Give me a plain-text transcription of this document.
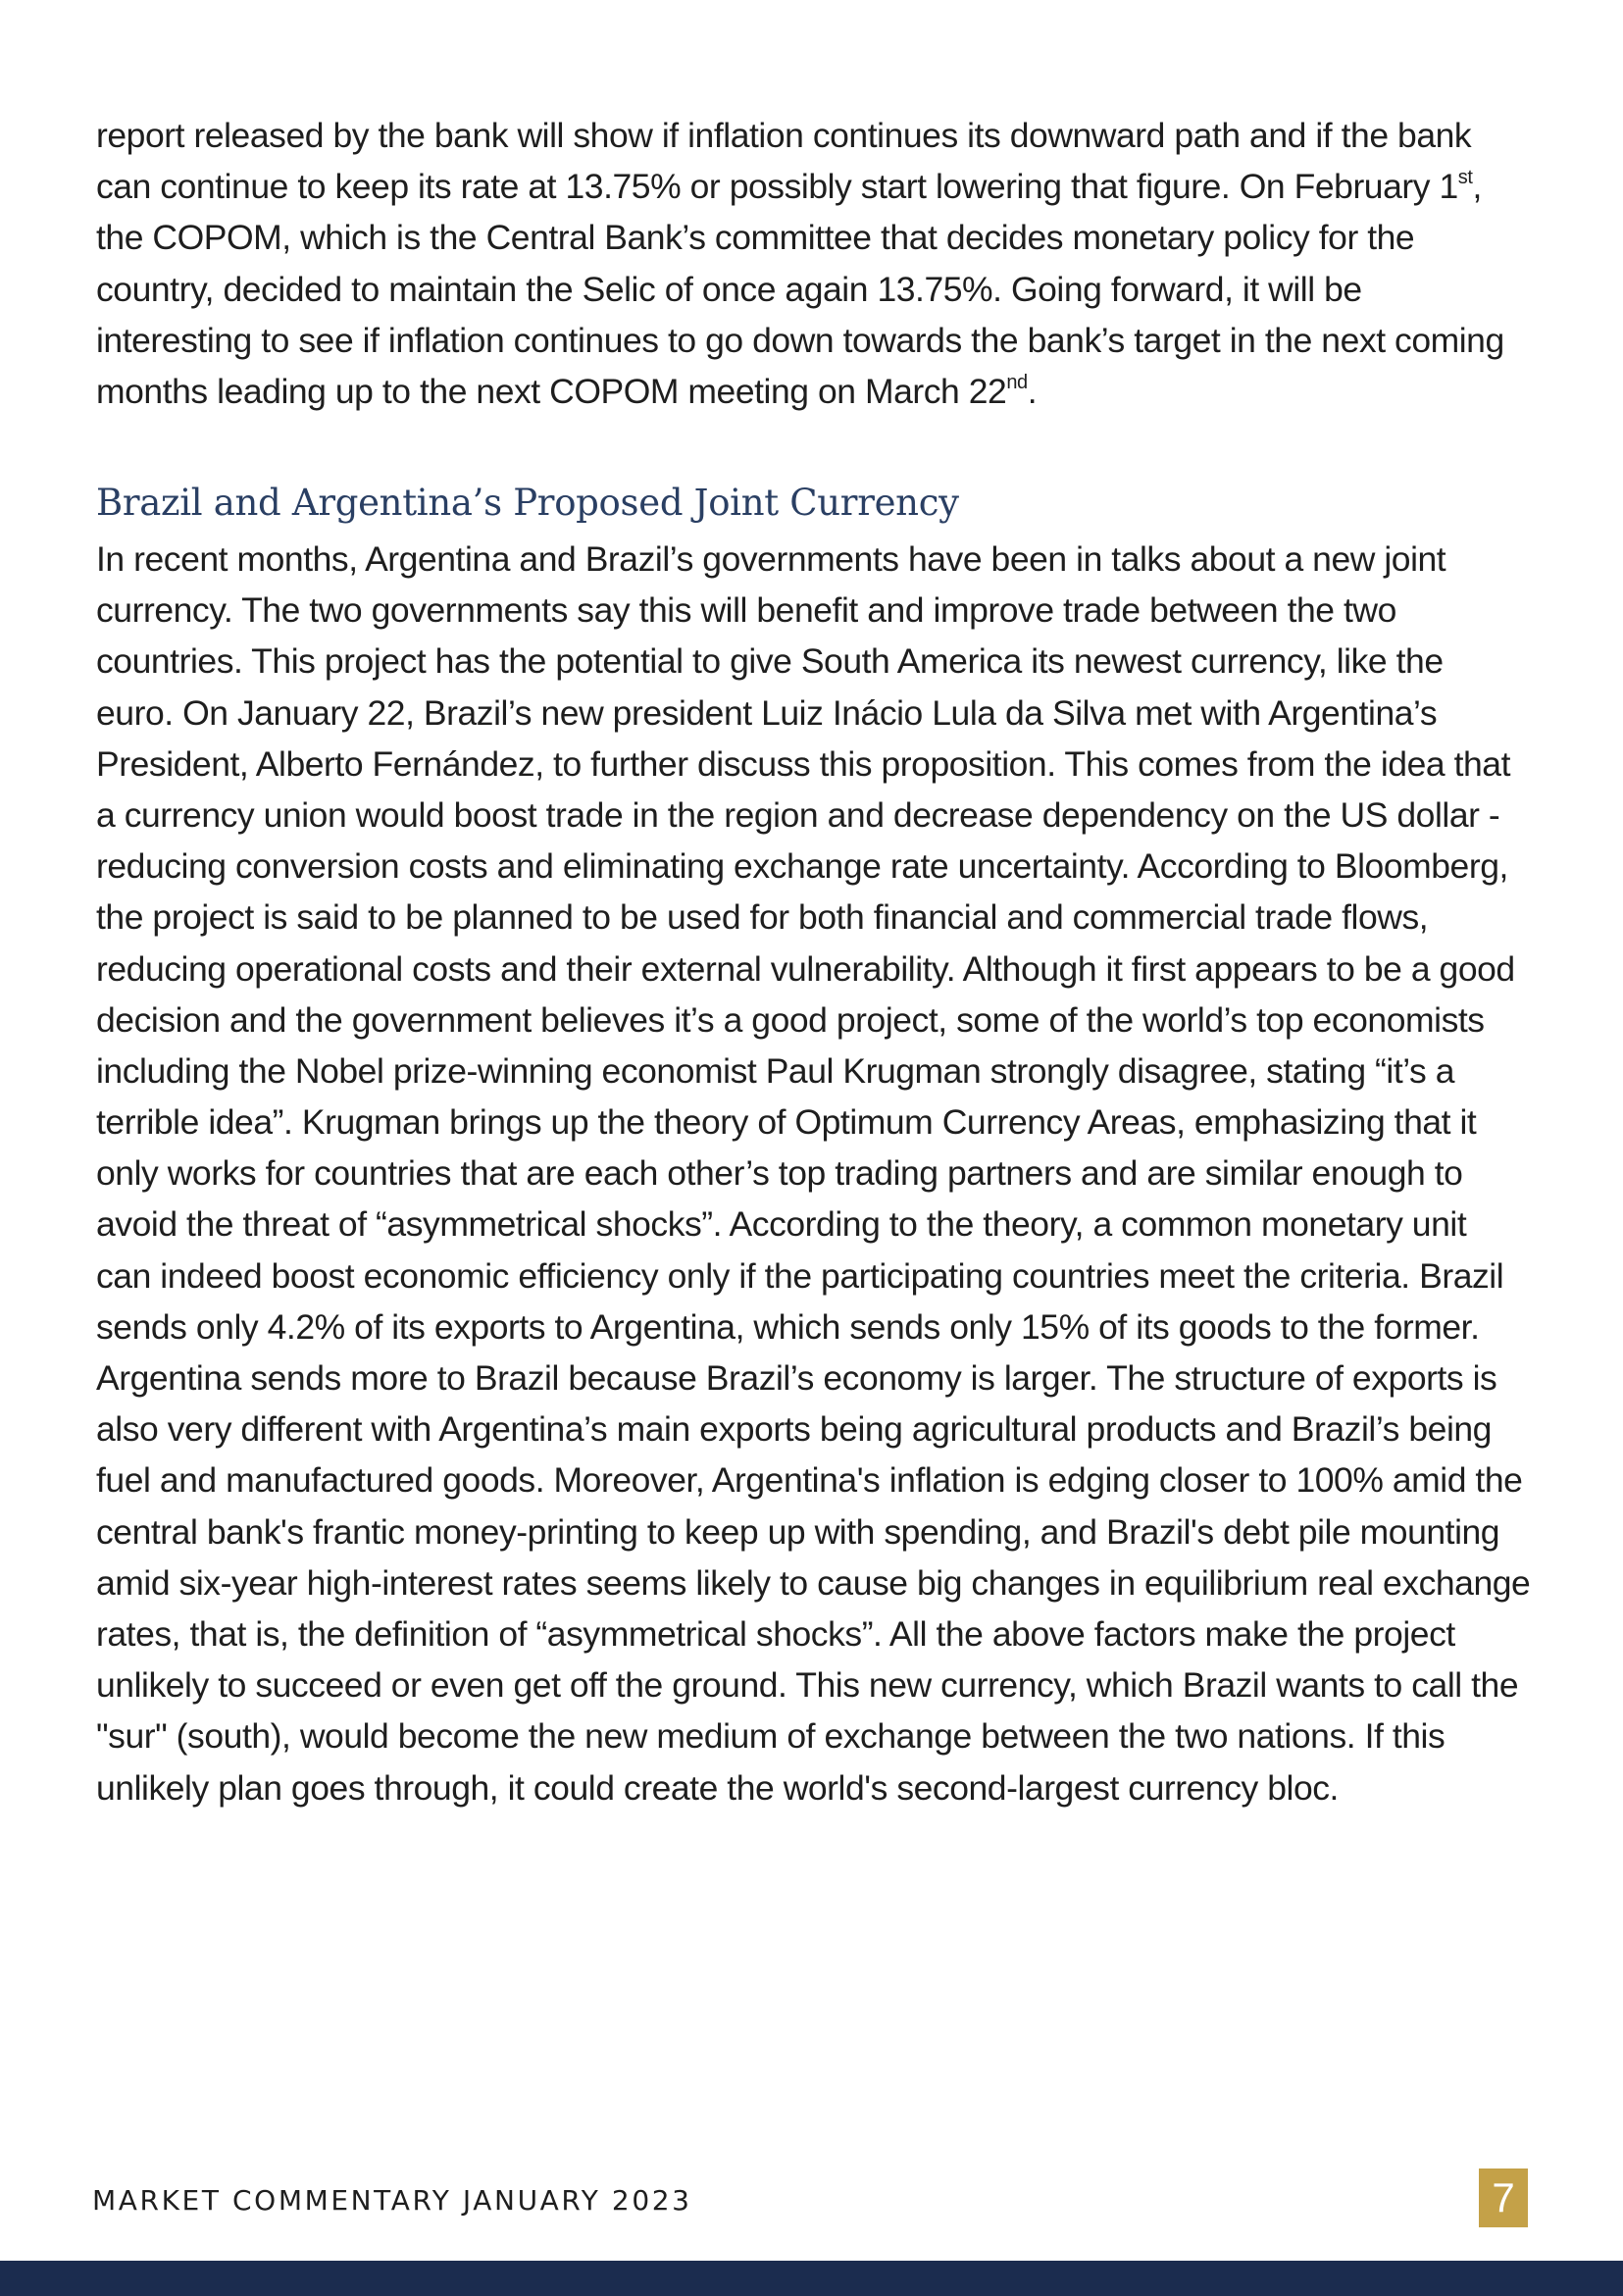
report released by the bank will show if inflation continues its downward path and if the bank
can continue to keep its rate at 13.75% or possibly start lowering that figure. On February 1st,
the COPOM, which is the Central Bank’s committee that decides monetary policy for the
country, decided to maintain the Selic of once again 13.75%. Going forward, it will be
interesting to see if inflation continues to go down towards the bank’s target in the next coming
months leading up to the next COPOM meeting on March 22nd.
Brazil and Argentina’s Proposed Joint Currency
In recent months, Argentina and Brazil’s governments have been in talks about a new joint
currency. The two governments say this will benefit and improve trade between the two
countries. This project has the potential to give South America its newest currency, like the
euro. On January 22, Brazil’s new president Luiz Inácio Lula da Silva met with Argentina’s
President, Alberto Fernández, to further discuss this proposition. This comes from the idea that
a currency union would boost trade in the region and decrease dependency on the US dollar -
reducing conversion costs and eliminating exchange rate uncertainty. According to Bloomberg,
the project is said to be planned to be used for both financial and commercial trade flows,
reducing operational costs and their external vulnerability. Although it first appears to be a good
decision and the government believes it’s a good project, some of the world’s top economists
including the Nobel prize-winning economist Paul Krugman strongly disagree, stating “it’s a
terrible idea”. Krugman brings up the theory of Optimum Currency Areas, emphasizing that it
only works for countries that are each other’s top trading partners and are similar enough to
avoid the threat of “asymmetrical shocks”. According to the theory, a common monetary unit
can indeed boost economic efficiency only if the participating countries meet the criteria. Brazil
sends only 4.2% of its exports to Argentina, which sends only 15% of its goods to the former.
Argentina sends more to Brazil because Brazil’s economy is larger. The structure of exports is
also very different with Argentina’s main exports being agricultural products and Brazil’s being
fuel and manufactured goods. Moreover, Argentina's inflation is edging closer to 100% amid the
central bank's frantic money-printing to keep up with spending, and Brazil's debt pile mounting
amid six-year high-interest rates seems likely to cause big changes in equilibrium real exchange
rates, that is, the definition of “asymmetrical shocks”. All the above factors make the project
unlikely to succeed or even get off the ground. This new currency, which Brazil wants to call the
"sur" (south), would become the new medium of exchange between the two nations. If this
unlikely plan goes through, it could create the world's second-largest currency bloc.
MARKET COMMENTARY JANUARY 2023	7
